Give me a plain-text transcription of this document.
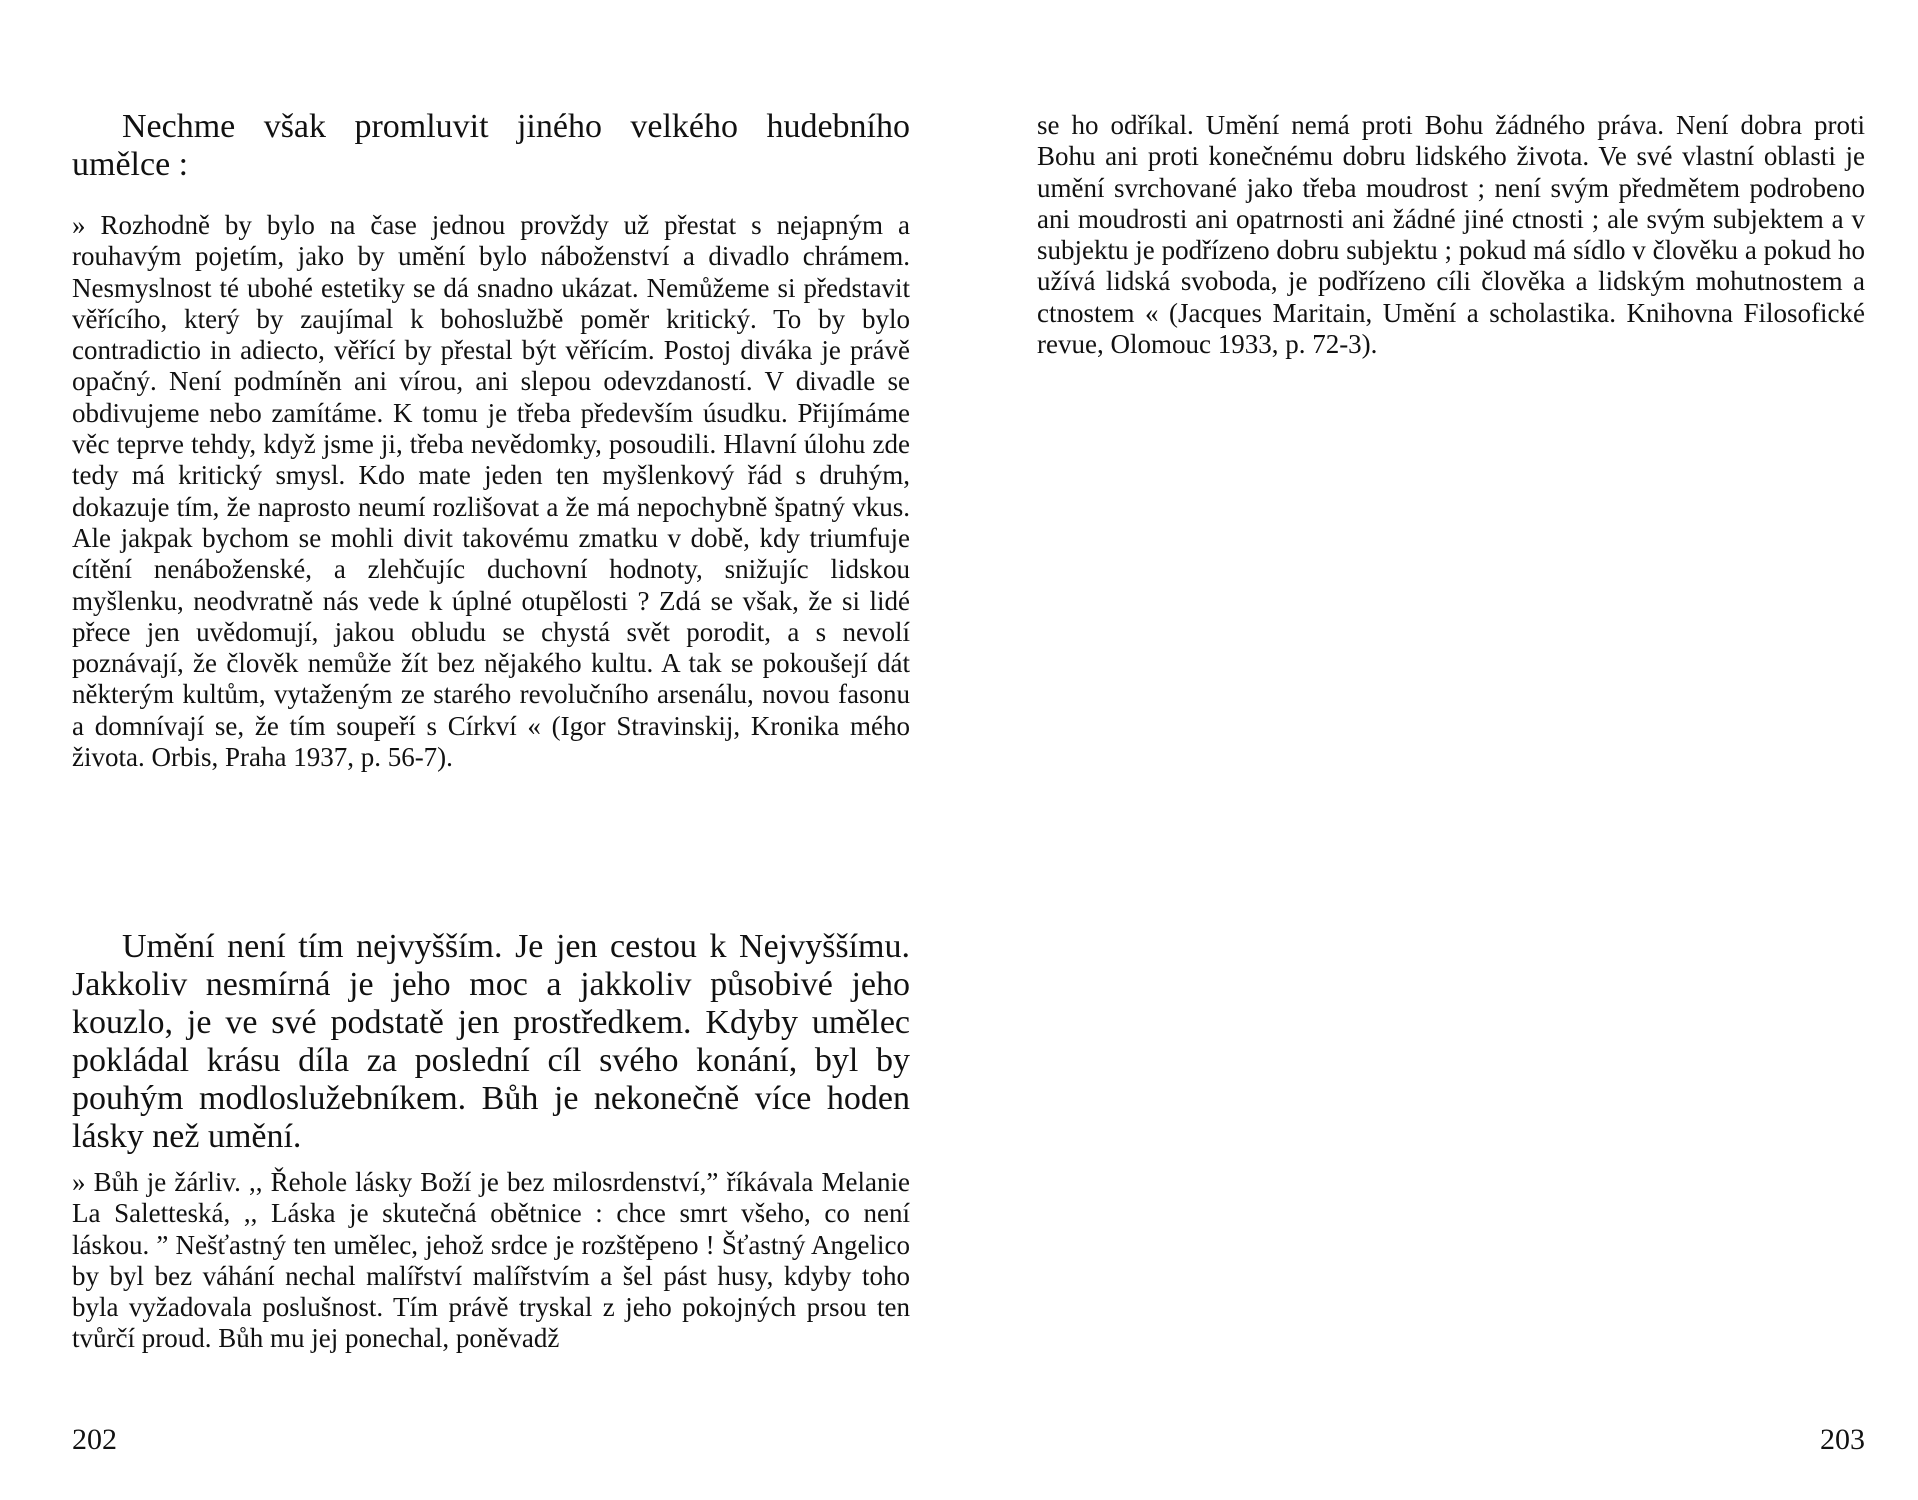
Nechme však promluvit jiného velkého hudebního umělce :

» Rozhodně by bylo na čase jednou provždy už přestat s nejapným a rouhavým pojetím, jako by umění bylo náboženství a divadlo chrámem. Nesmyslnost té ubohé estetiky se dá snadno ukázat. Nemůžeme si představit věřícího, který by zaujímal k bohoslužbě poměr kritický. To by bylo contradictio in adiecto, věřící by přestal být věřícím. Postoj diváka je právě opačný. Není podmíněn ani vírou, ani slepou odevzdaností. V divadle se obdivujeme nebo zamítáme. K tomu je třeba především úsudku. Přijímáme věc teprve tehdy, když jsme ji, třeba nevědomky, posoudili. Hlavní úlohu zde tedy má kritický smysl. Kdo mate jeden ten myšlenkový řád s druhým, dokazuje tím, že naprosto neumí rozlišovat a že má nepochybně špatný vkus. Ale jakpak bychom se mohli divit takovému zmatku v době, kdy triumfuje cítění nenáboženské, a zlehčujíc duchovní hodnoty, snižujíc lidskou myšlenku, neodvratně nás vede k úplné otupělosti ? Zdá se však, že si lidé přece jen uvědomují, jakou obludu se chystá svět porodit, a s nevolí poznávají, že člověk nemůže žít bez nějakého kultu. A tak se pokoušejí dát některým kultům, vytaženým ze starého revolučního arsenálu, novou fasonu a domnívají se, že tím soupeří s Církví « (Igor Stravinskij, Kronika mého života. Orbis, Praha 1937, p. 56-7).

Umění není tím nejvyšším. Je jen cestou k Nejvyššímu. Jakkoliv nesmírná je jeho moc a jakkoliv působivé jeho kouzlo, je ve své podstatě jen prostředkem. Kdyby umělec pokládal krásu díla za poslední cíl svého konání, byl by pouhým modloslužebníkem. Bůh je nekonečně více hoden lásky než umění.

» Bůh je žárliv. ,, Řehole lásky Boží je bez milosrdenství,” říkávala Melanie La Saletteská, ,, Láska je skutečná obětnice : chce smrt všeho, co není láskou. ” Nešťastný ten umělec, jehož srdce je rozštěpeno ! Šťastný Angelico by byl bez váhání nechal malířství malířstvím a šel pást husy, kdyby toho byla vyžadovala poslušnost. Tím právě tryskal z jeho pokojných prsou ten tvůrčí proud. Bůh mu jej ponechal, poněvadž

202

se ho odříkal. Umění nemá proti Bohu žádného práva. Není dobra proti Bohu ani proti konečnému dobru lidského života. Ve své vlastní oblasti je umění svrchované jako třeba moudrost ; není svým předmětem podrobeno ani moudrosti ani opatrnosti ani žádné jiné ctnosti ; ale svým subjektem a v subjektu je podřízeno dobru subjektu ; pokud má sídlo v člověku a pokud ho užívá lidská svoboda, je podřízeno cíli člověka a lidským mohutnostem a ctnostem « (Jacques Maritain, Umění a scholastika. Knihovna Filosofické revue, Olomouc 1933, p. 72-3).

203
